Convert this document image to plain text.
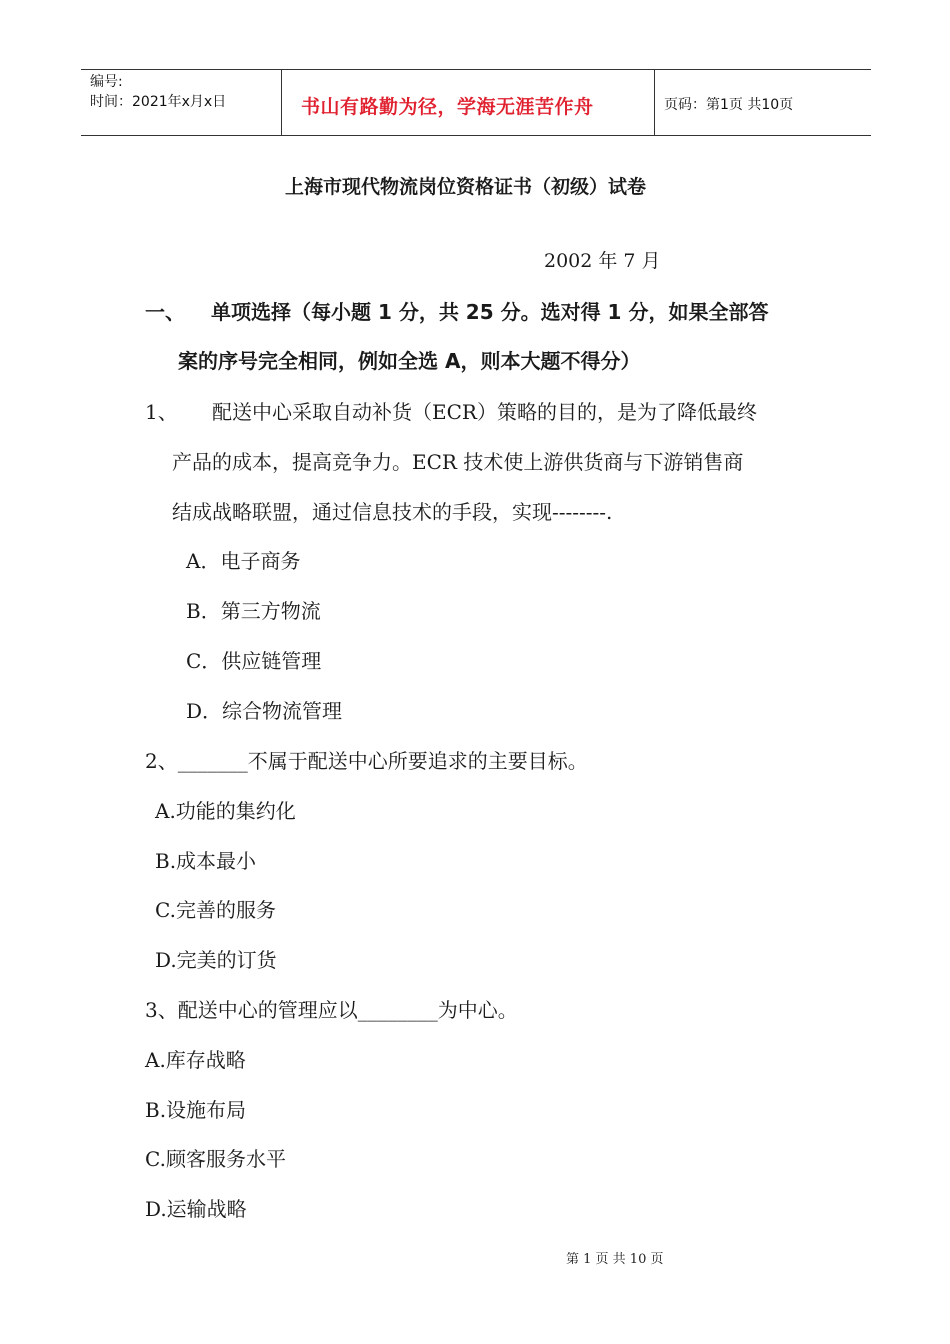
编号:
时间：2021年x月x日	书山有路勤为径，学海无涯苦作舟	页码：第1页 共10页
上海市现代物流岗位资格证书（初级）试卷
2002 年 7 月
一、 单项选择（每小题 1 分，共 25 分。选对得 1 分，如果全部答
案的序号完全相同，例如全选 A，则本大题不得分）
1、 配送中心采取自动补货（ECR）策略的目的，是为了降低最终
产品的成本，提高竞争力。ECR 技术使上游供货商与下游销售商
结成战略联盟，通过信息技术的手段，实现--------.
A．电子商务
B．第三方物流
C．供应链管理
D．综合物流管理
2、_______不属于配送中心所要追求的主要目标。
A.功能的集约化
B.成本最小
C.完善的服务
D.完美的订货
3、配送中心的管理应以________为中心。
A.库存战略
B.设施布局
C.顾客服务水平
D.运输战略
第 1 页 共 10 页
